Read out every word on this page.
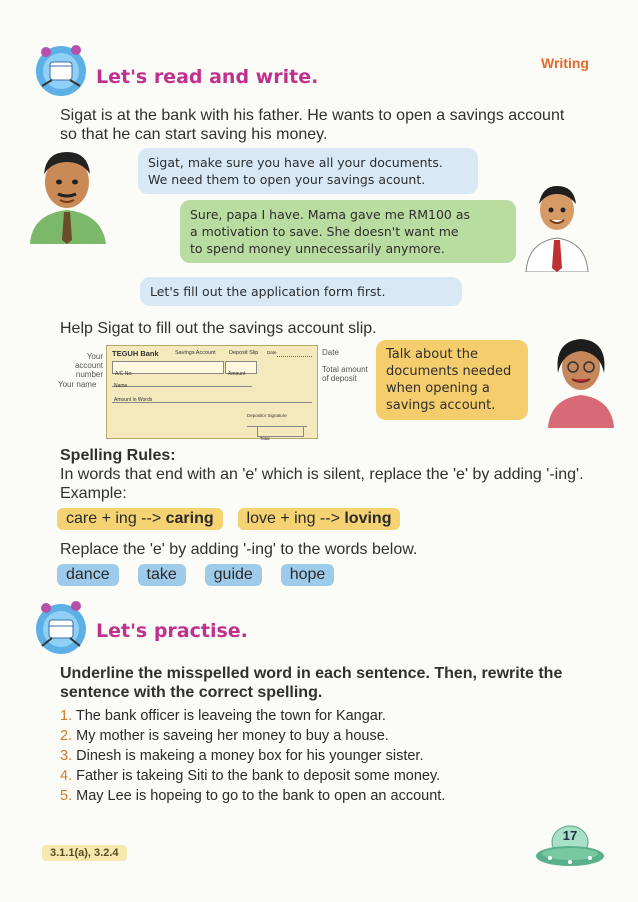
Let's read and write.
Writing
Sigat is at the bank with his father. He wants to open a savings account
so that he can start saving his money.
Sigat, make sure you have all your documents.
We need them to open your savings acount.
Sure, papa I have. Mama gave me RM100 as
a motivation to save. She doesn't want me
to spend money unnecessarily anymore.
Let's fill out the application form first.
Help Sigat to fill out the savings account slip.
Your account
number
Your name
Date
Total amount
of deposit
TEGUH Bank	Savings Account Deposit Slip Date
A/C No.	Amount
Name
Amount in Words
Depositor Signature
Total
Talk about the
documents needed
when opening a
savings account.
Spelling Rules:
In words that end with an 'e' which is silent, replace the 'e' by adding '-ing'.
Example:
care + ing --> caring love + ing --> loving
Replace the 'e' by adding '-ing' to the words below.
dance take guide hope
Let's practise.
Underline the misspelled word in each sentence. Then, rewrite the
sentence with the correct spelling.
1. The bank officer is leaveing the town for Kangar.
2. My mother is saveing her money to buy a house.
3. Dinesh is makeing a money box for his younger sister.
4. Father is takeing Siti to the bank to deposit some money.
5. May Lee is hopeing to go to the bank to open an account.
3.1.1(a), 3.2.4
17
